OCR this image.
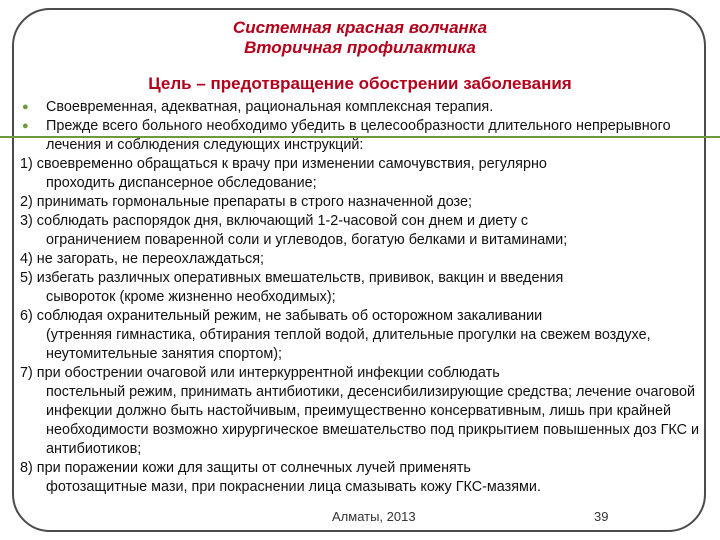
Системная красная волчанка
Вторичная профилактика
Цель – предотвращение обострении заболевания
● Своевременная, адекватная, рациональная комплексная терапия.
● Прежде всего больного необходимо убедить в целесообразности длительного непрерывного лечения и соблюдения следующих инструкций:
1) своевременно обращаться к врачу при изменении самочувствия, регулярно
проходить диспансерное обследование;
2) принимать гормональные препараты в строго назначенной дозе;
3) соблюдать распорядок дня, включающий 1-2-часовой сон днем и диету с
ограничением поваренной соли и углеводов, богатую белками и витаминами;
4) не загорать, не переохлаждаться;
5) избегать различных оперативных вмешательств, прививок, вакцин и введения
сывороток (кроме жизненно необходимых);
6) соблюдая охранительный режим, не забывать об осторожном закаливании
(утренняя гимнастика, обтирания теплой водой, длительные прогулки на свежем воздухе, неутомительные занятия спортом);
7) при обострении очаговой или интеркуррентной инфекции соблюдать
постельный режим, принимать антибиотики, десенсибилизирующие средства; лечение очаговой инфекции должно быть настойчивым, преимущественно консервативным, лишь при крайней необходимости возможно хирургическое вмешательство под прикрытием повышенных доз ГКС и антибиотиков;
8) при поражении кожи для защиты от солнечных лучей применять
фотозащитные мази, при покраснении лица смазывать кожу ГКС-мазями.
Алматы, 2013	39
